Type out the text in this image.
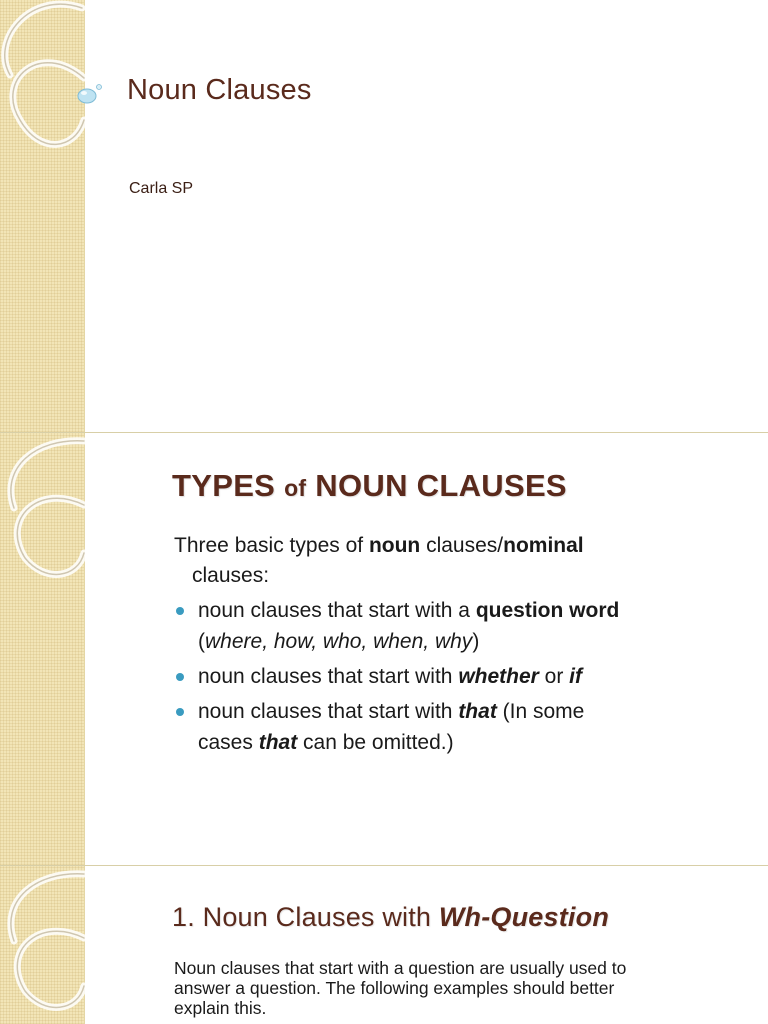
Noun Clauses

Carla SP

TYPES of NOUN CLAUSES

Three basic types of noun clauses/nominal
clauses:

noun clauses that start with a question word (where, how, who, when, why)
noun clauses that start with whether or if
noun clauses that start with that (In some cases that can be omitted.)
1. Noun Clauses with Wh-Question

Noun clauses that start with a question are usually used to answer a question. The following examples should better explain this.
